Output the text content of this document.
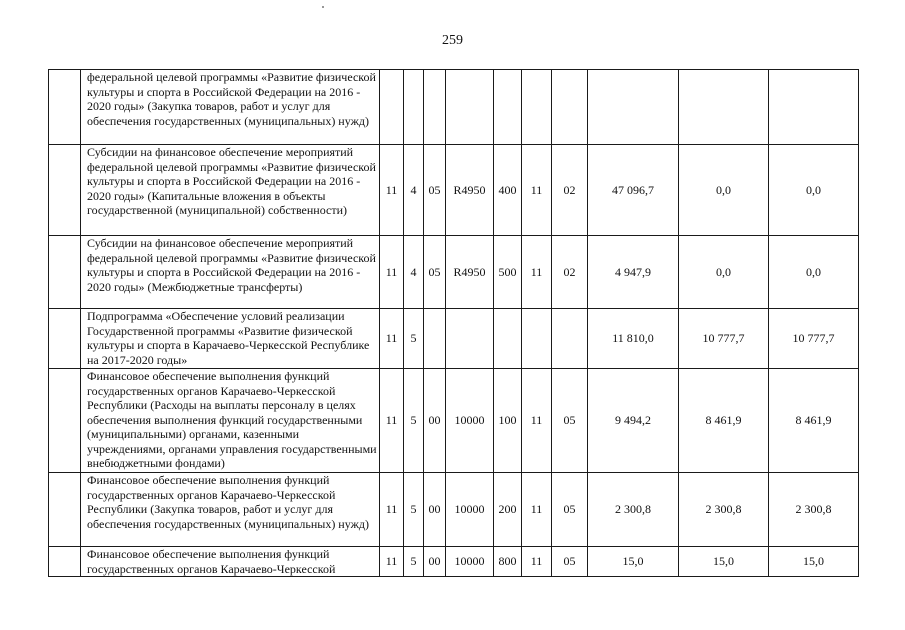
259
	федеральной целевой программы «Развитие физической культуры и спорта в Российской Федерации на 2016 - 2020 годы» (Закупка товаров, работ и услуг для обеспечения государственных (муниципальных) нужд)										
	Субсидии на финансовое обеспечение мероприятий федеральной целевой программы «Развитие физической культуры и спорта в Российской Федерации на 2016 - 2020 годы» (Капитальные вложения в объекты государственной (муниципальной) собственности)	11	4	05	R4950	400	11	02	47 096,7	0,0	0,0
	Субсидии на финансовое обеспечение мероприятий федеральной целевой программы «Развитие физической культуры и спорта в Российской Федерации на 2016 - 2020 годы» (Межбюджетные трансферты)	11	4	05	R4950	500	11	02	4 947,9	0,0	0,0
	Подпрограмма «Обеспечение условий реализации Государственной программы «Развитие физической культуры и спорта в Карачаево-Черкесской Республике на 2017-2020 годы»	11	5						11 810,0	10 777,7	10 777,7
	Финансовое обеспечение выполнения функций государственных органов Карачаево-Черкесской Республики (Расходы на выплаты персоналу в целях обеспечения выполнения функций государственными (муниципальными) органами, казенными учреждениями, органами управления государственными внебюджетными фондами)	11	5	00	10000	100	11	05	9 494,2	8 461,9	8 461,9
	Финансовое обеспечение выполнения функций государственных органов Карачаево-Черкесской Республики (Закупка товаров, работ и услуг для обеспечения государственных (муниципальных) нужд)	11	5	00	10000	200	11	05	2 300,8	2 300,8	2 300,8
	Финансовое обеспечение выполнения функций государственных органов Карачаево-Черкесской	11	5	00	10000	800	11	05	15,0	15,0	15,0
